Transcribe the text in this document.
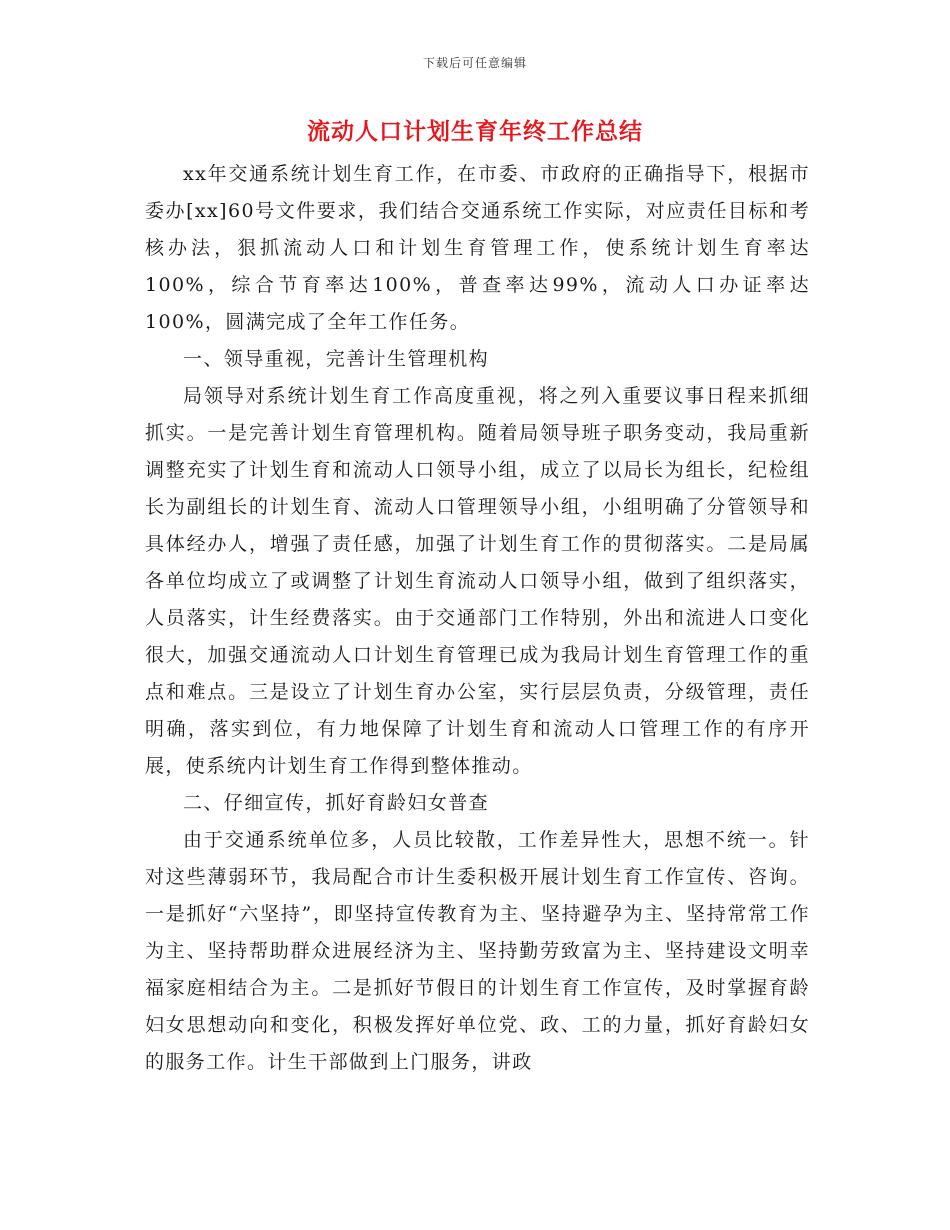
下载后可任意编辑
流动人口计划生育年终工作总结

xx年交通系统计划生育工作，在市委、市政府的正确指导下，根据市委办[xx]60号文件要求，我们结合交通系统工作实际，对应责任目标和考核办法，狠抓流动人口和计划生育管理工作，使系统计划生育率达100%，综合节育率达100%，普查率达99%，流动人口办证率达100%，圆满完成了全年工作任务。

一、领导重视，完善计生管理机构

局领导对系统计划生育工作高度重视，将之列入重要议事日程来抓细抓实。一是完善计划生育管理机构。随着局领导班子职务变动，我局重新调整充实了计划生育和流动人口领导小组，成立了以局长为组长，纪检组长为副组长的计划生育、流动人口管理领导小组，小组明确了分管领导和具体经办人，增强了责任感，加强了计划生育工作的贯彻落实。二是局属各单位均成立了或调整了计划生育流动人口领导小组，做到了组织落实，人员落实，计生经费落实。由于交通部门工作特别，外出和流进人口变化很大，加强交通流动人口计划生育管理已成为我局计划生育管理工作的重点和难点。三是设立了计划生育办公室，实行层层负责，分级管理，责任明确，落实到位，有力地保障了计划生育和流动人口管理工作的有序开展，使系统内计划生育工作得到整体推动。

二、仔细宣传，抓好育龄妇女普查

由于交通系统单位多，人员比较散，工作差异性大，思想不统一。针对这些薄弱环节，我局配合市计生委积极开展计划生育工作宣传、咨询。一是抓好“六坚持”，即坚持宣传教育为主、坚持避孕为主、坚持常常工作为主、坚持帮助群众进展经济为主、坚持勤劳致富为主、坚持建设文明幸福家庭相结合为主。二是抓好节假日的计划生育工作宣传，及时掌握育龄妇女思想动向和变化，积极发挥好单位党、政、工的力量，抓好育龄妇女的服务工作。计生干部做到上门服务，讲政
